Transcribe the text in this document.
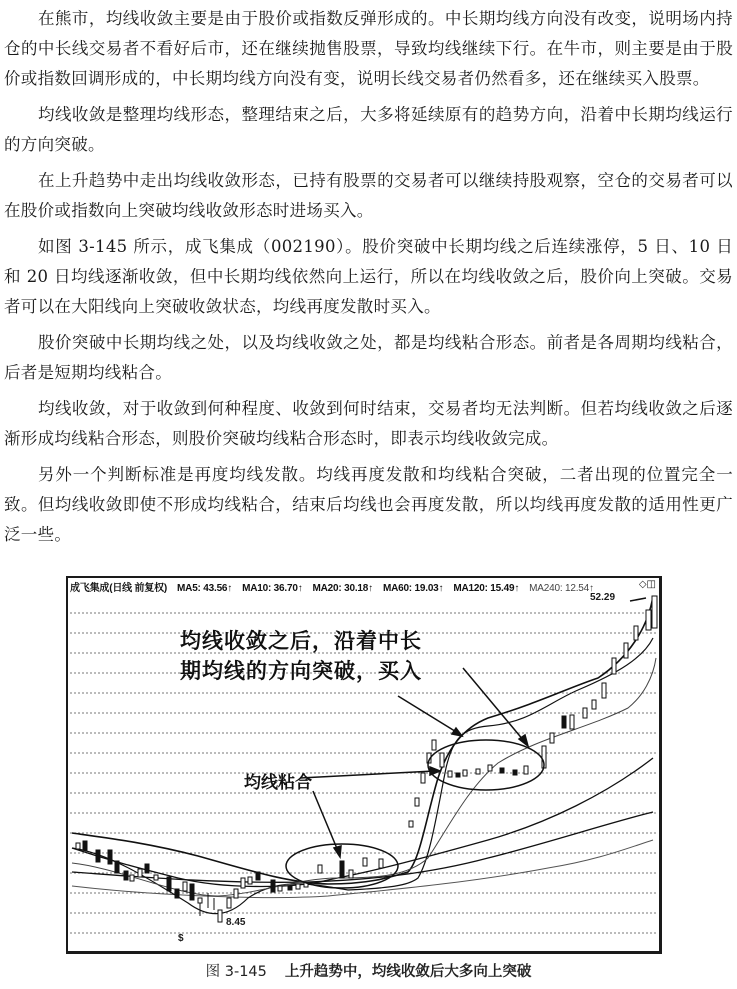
在熊市，均线收敛主要是由于股价或指数反弹形成的。中长期均线方向没有改变，说明场内持仓的中长线交易者不看好后市，还在继续抛售股票，导致均线继续下行。在牛市，则主要是由于股价或指数回调形成的，中长期均线方向没有变，说明长线交易者仍然看多，还在继续买入股票。

均线收敛是整理均线形态，整理结束之后，大多将延续原有的趋势方向，沿着中长期均线运行的方向突破。

在上升趋势中走出均线收敛形态，已持有股票的交易者可以继续持股观察，空仓的交易者可以在股价或指数向上突破均线收敛形态时进场买入。

如图 3-145 所示，成飞集成（002190）。股价突破中长期均线之后连续涨停，5 日、10 日和 20 日均线逐渐收敛，但中长期均线依然向上运行，所以在均线收敛之后，股价向上突破。交易者可以在大阳线向上突破收敛状态，均线再度发散时买入。

股价突破中长期均线之处，以及均线收敛之处，都是均线粘合形态。前者是各周期均线粘合，后者是短期均线粘合。

均线收敛，对于收敛到何种程度、收敛到何时结束，交易者均无法判断。但若均线收敛之后逐渐形成均线粘合形态，则股价突破均线粘合形态时，即表示均线收敛完成。

另外一个判断标准是再度均线发散。均线再度发散和均线粘合突破，二者出现的位置完全一致。但均线收敛即使不形成均线粘合，结束后均线也会再度发散，所以均线再度发散的适用性更广泛一些。

成飞集成(日线 前复权) MA5: 43.56↑ MA10: 36.70↑ MA20: 30.18↑ MA60: 19.03↑ MA120: 15.49↑ MA240: 12.54↑	◇◫
均线收敛之后，沿着中长
期均线的方向突破，买入
均线粘合
52.29
8.45
$
图 3-145 上升趋势中，均线收敛后大多向上突破
